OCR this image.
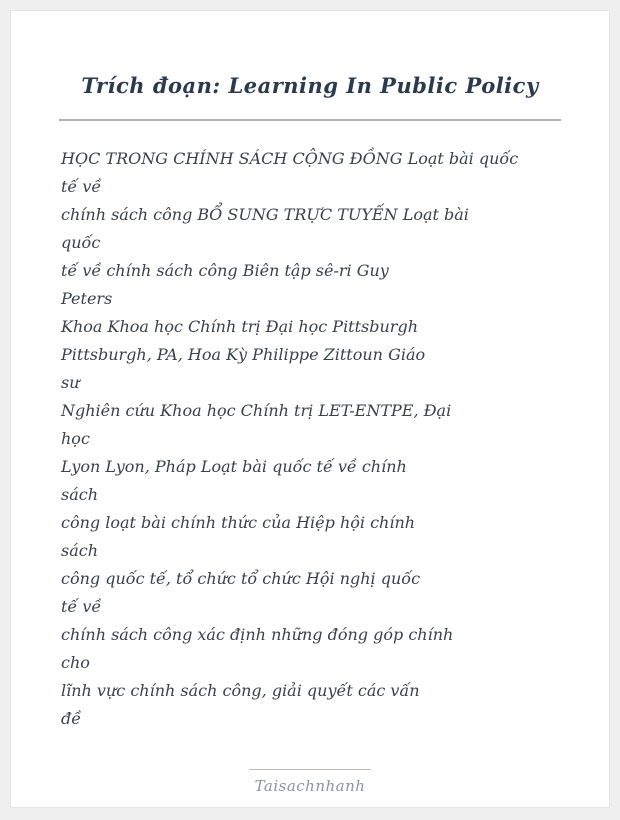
Trích đoạn: Learning In Public Policy
HỌC TRONG CHÍNH SÁCH CỘNG ĐỒNG Loạt bài quốc
tế về
chính sách công BỔ SUNG TRỰC TUYẾN Loạt bài
quốc
tế về chính sách công Biên tập sê-ri Guy
Peters
Khoa Khoa học Chính trị Đại học Pittsburgh
Pittsburgh, PA, Hoa Kỳ Philippe Zittoun Giáo
sư
Nghiên cứu Khoa học Chính trị LET-ENTPE, Đại
học
Lyon Lyon, Pháp Loạt bài quốc tế về chính
sách
công loạt bài chính thức của Hiệp hội chính
sách
công quốc tế, tổ chức tổ chức Hội nghị quốc
tế về
chính sách công xác định những đóng góp chính
cho
lĩnh vực chính sách công, giải quyết các vấn
đề
Taisachnhanh
